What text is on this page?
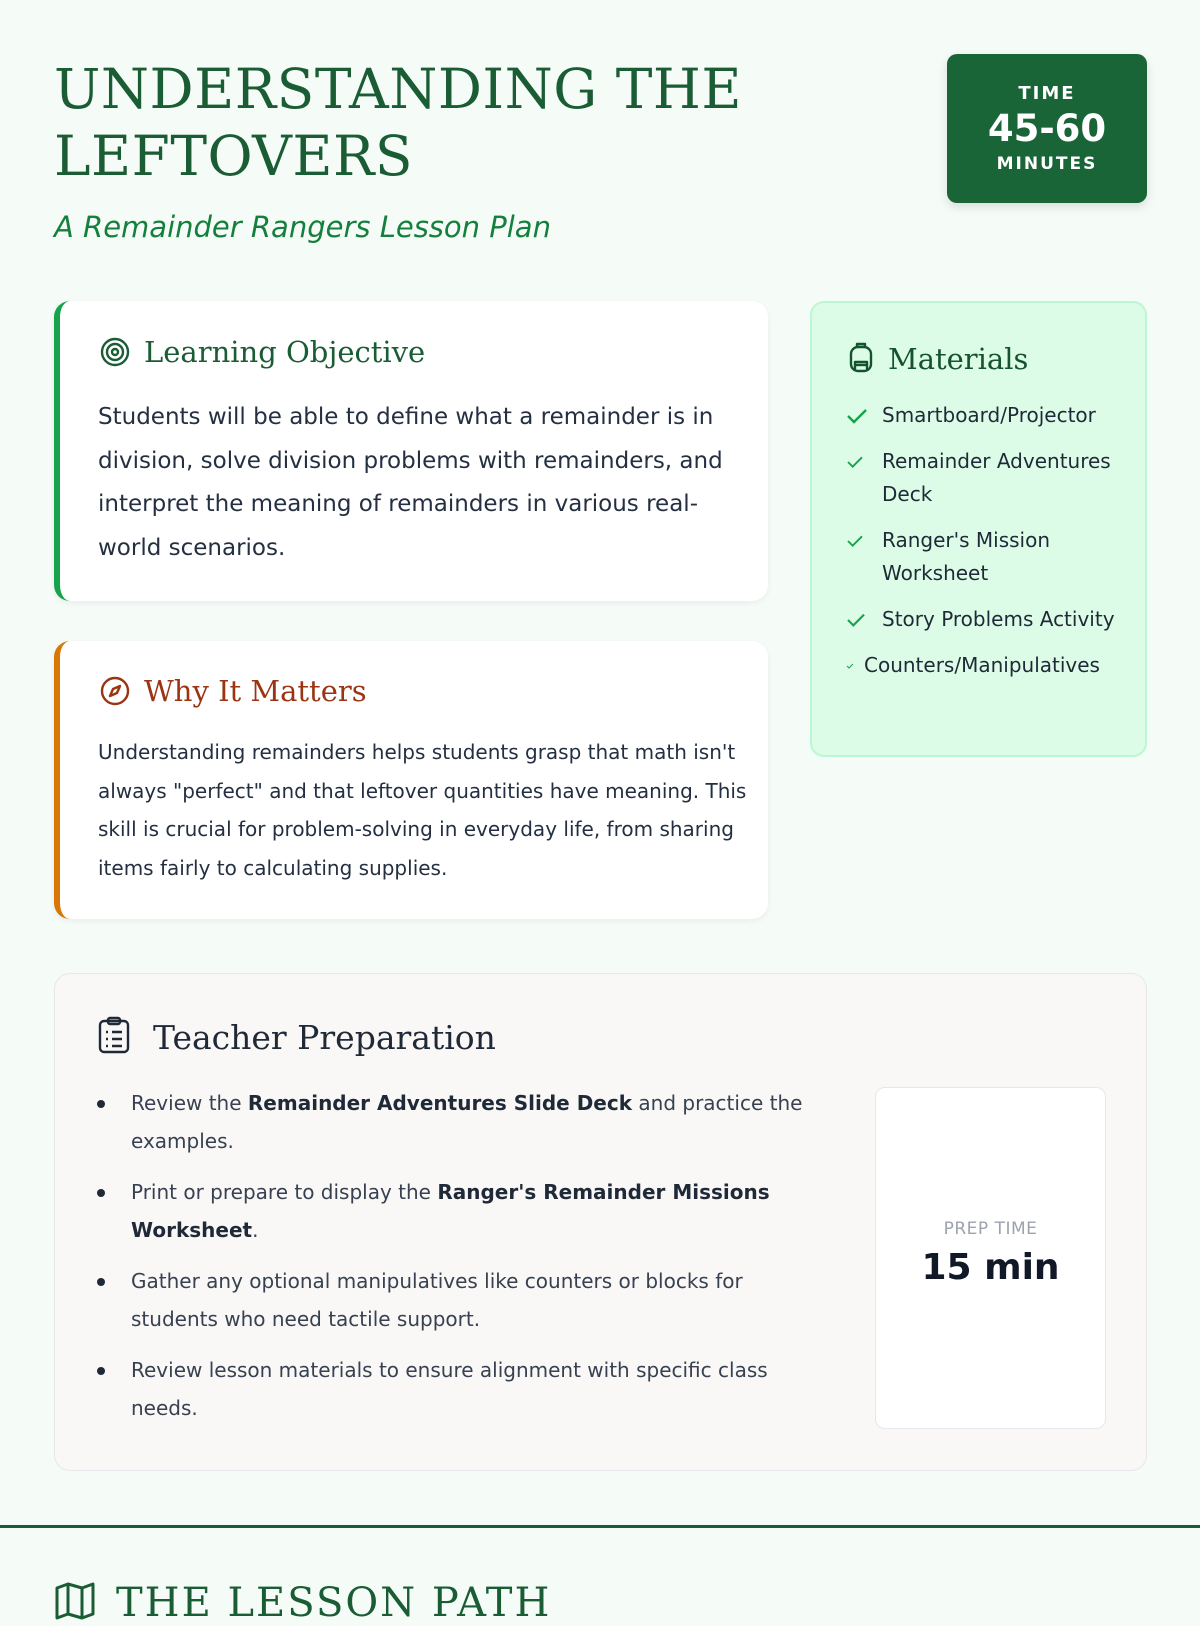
UNDERSTANDING THE LEFTOVERS
A Remainder Rangers Lesson Plan
TIME
45-60
MINUTES
Learning Objective

Students will be able to define what a remainder is in division, solve division problems with remainders, and interpret the meaning of remainders in various real-world scenarios.

Why It Matters

Understanding remainders helps students grasp that math isn't always "perfect" and that leftover quantities have meaning. This skill is crucial for problem-solving in everyday life, from sharing items fairly to calculating supplies.

Materials
Smartboard/Projector
Remainder Adventures Deck
Ranger's Mission Worksheet
Story Problems Activity
Counters/Manipulatives
Teacher Preparation
Review the Remainder Adventures Slide Deck and practice the examples.
Print or prepare to display the Ranger's Remainder Missions Worksheet.
Gather any optional manipulatives like counters or blocks for students who need tactile support.
Review lesson materials to ensure alignment with specific class needs.
PREP TIME
15 min
THE LESSON PATH
